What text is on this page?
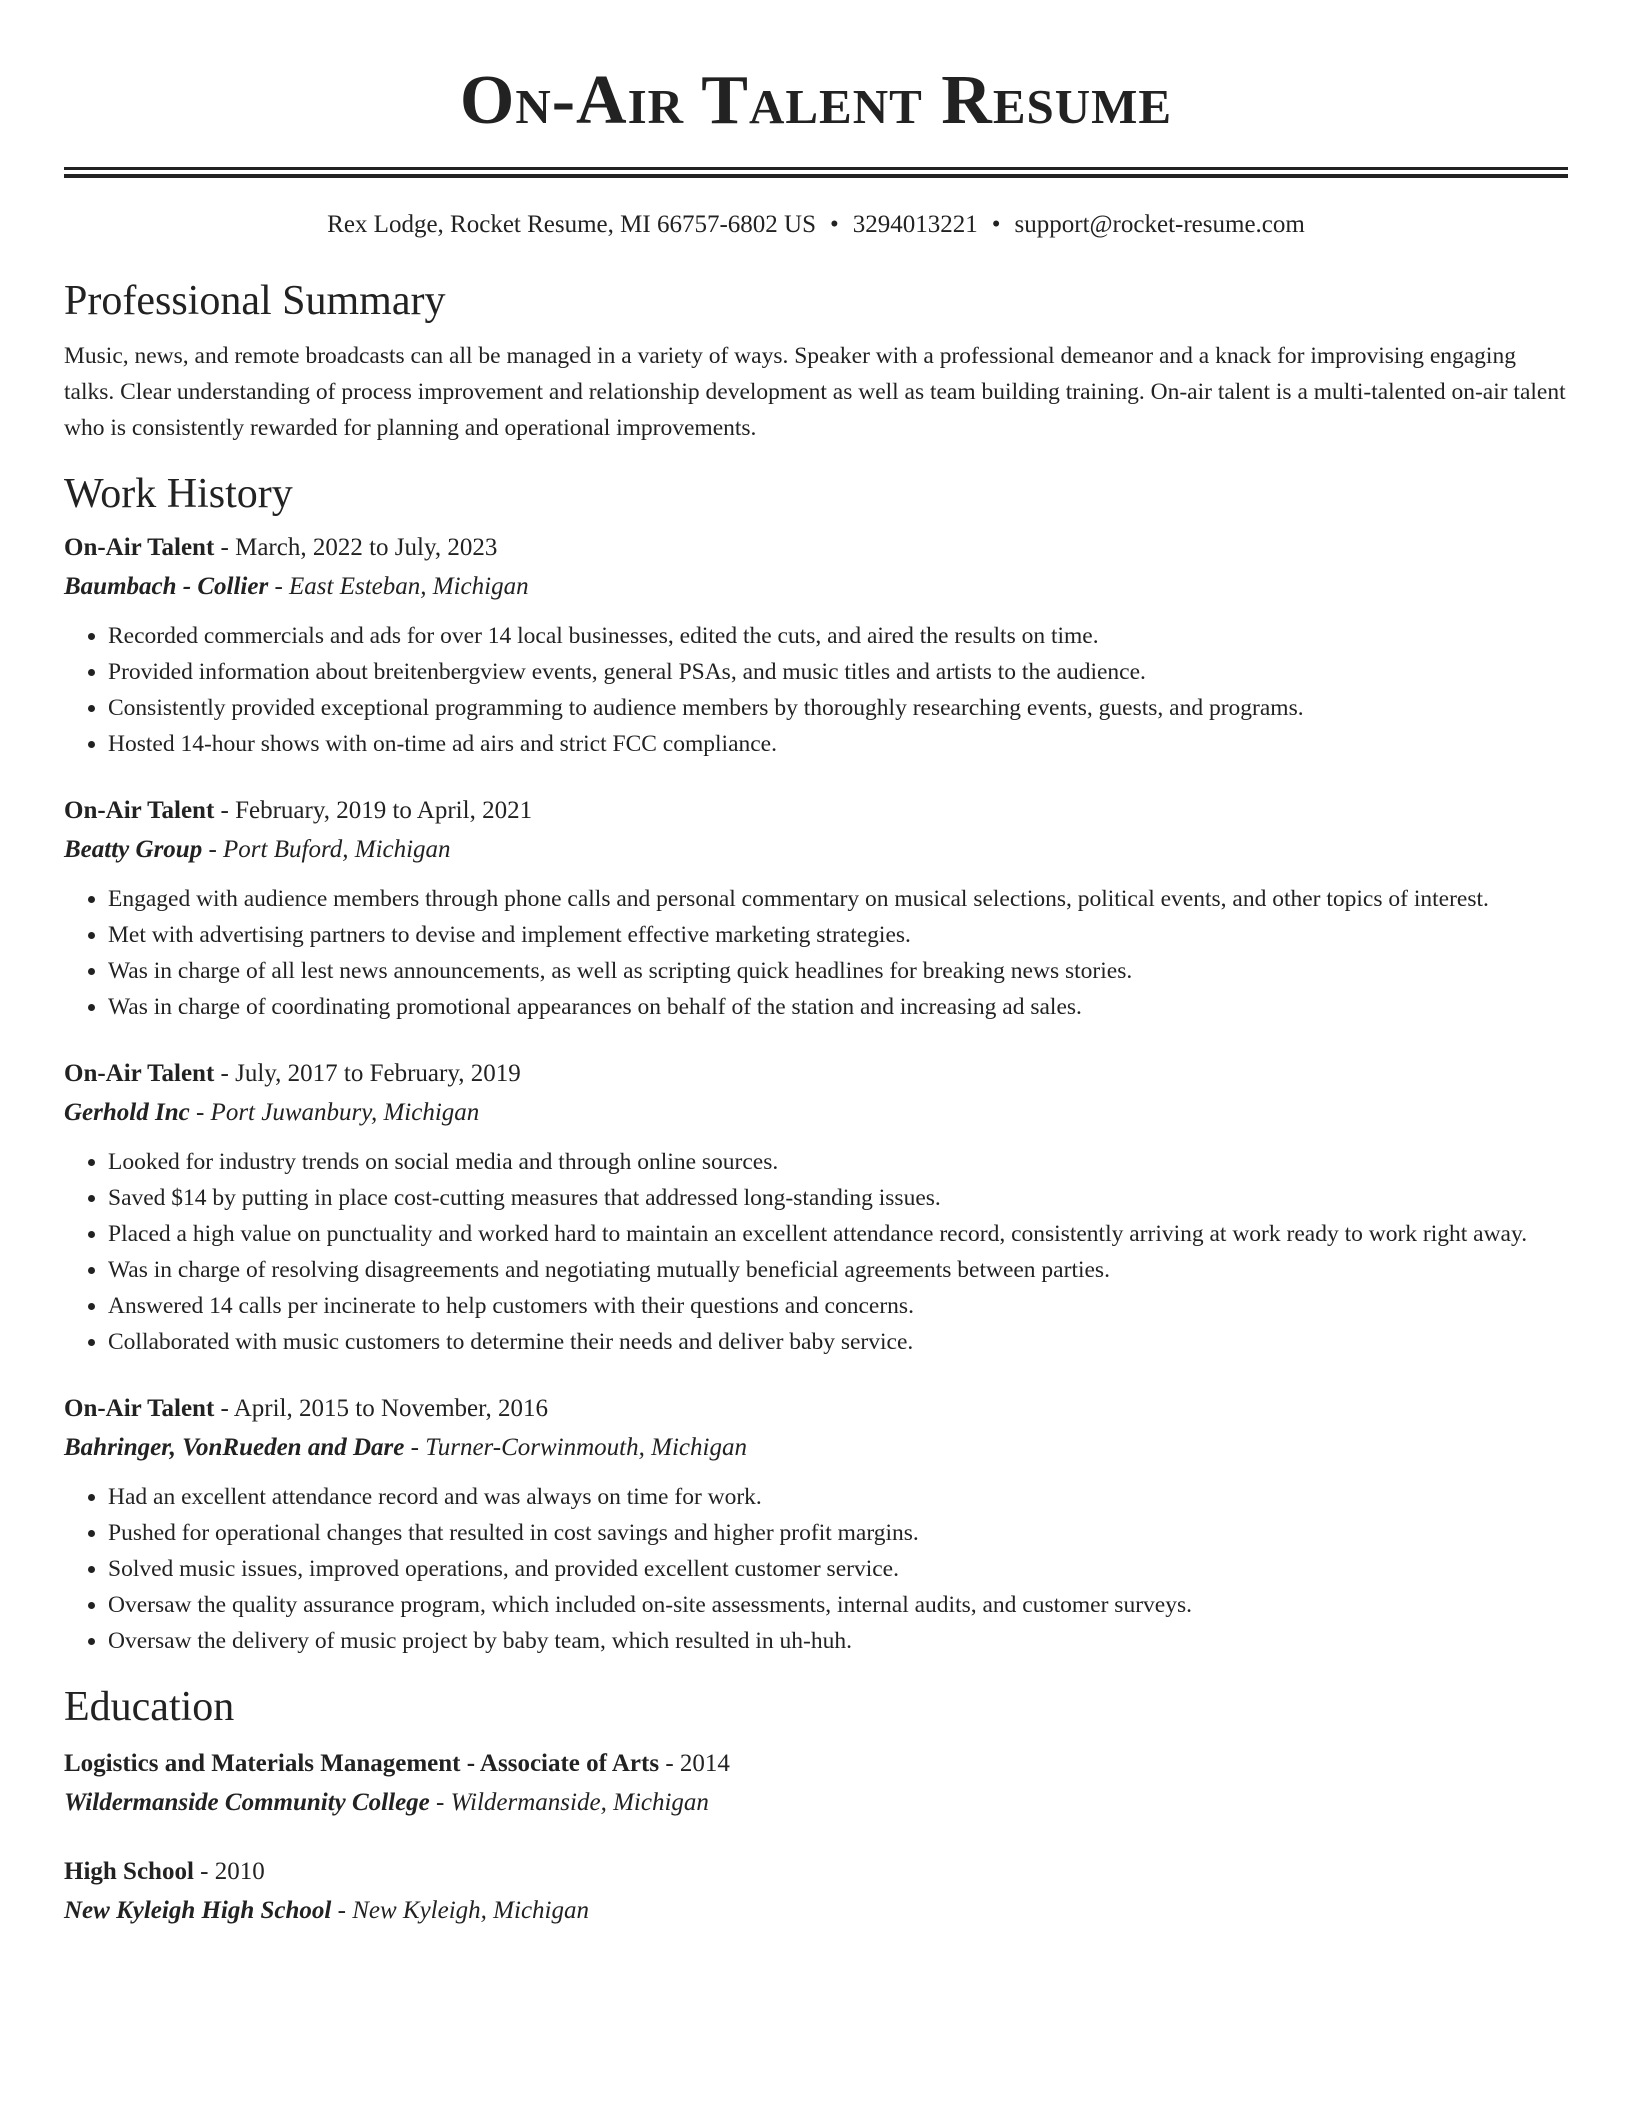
On-Air Talent Resume
Rex Lodge, Rocket Resume, MI 66757-6802 US • 3294013221 • support@rocket-resume.com
Professional Summary

Music, news, and remote broadcasts can all be managed in a variety of ways. Speaker with a professional demeanor and a knack for improvising engaging talks. Clear understanding of process improvement and relationship development as well as team building training. On-air talent is a multi-talented on-air talent who is consistently rewarded for planning and operational improvements.

Work History
On-Air Talent - March, 2022 to July, 2023
Baumbach - Collier - East Esteban, Michigan
• Recorded commercials and ads for over 14 local businesses, edited the cuts, and aired the results on time.
• Provided information about breitenbergview events, general PSAs, and music titles and artists to the audience.
• Consistently provided exceptional programming to audience members by thoroughly researching events, guests, and programs.
• Hosted 14-hour shows with on-time ad airs and strict FCC compliance.
On-Air Talent - February, 2019 to April, 2021
Beatty Group - Port Buford, Michigan
• Engaged with audience members through phone calls and personal commentary on musical selections, political events, and other topics of interest.
• Met with advertising partners to devise and implement effective marketing strategies.
• Was in charge of all lest news announcements, as well as scripting quick headlines for breaking news stories.
• Was in charge of coordinating promotional appearances on behalf of the station and increasing ad sales.
On-Air Talent - July, 2017 to February, 2019
Gerhold Inc - Port Juwanbury, Michigan
• Looked for industry trends on social media and through online sources.
• Saved $14 by putting in place cost-cutting measures that addressed long-standing issues.
• Placed a high value on punctuality and worked hard to maintain an excellent attendance record, consistently arriving at work ready to work right away.
• Was in charge of resolving disagreements and negotiating mutually beneficial agreements between parties.
• Answered 14 calls per incinerate to help customers with their questions and concerns.
• Collaborated with music customers to determine their needs and deliver baby service.
On-Air Talent - April, 2015 to November, 2016
Bahringer, VonRueden and Dare - Turner-Corwinmouth, Michigan
• Had an excellent attendance record and was always on time for work.
• Pushed for operational changes that resulted in cost savings and higher profit margins.
• Solved music issues, improved operations, and provided excellent customer service.
• Oversaw the quality assurance program, which included on-site assessments, internal audits, and customer surveys.
• Oversaw the delivery of music project by baby team, which resulted in uh-huh.
Education
Logistics and Materials Management - Associate of Arts - 2014
Wildermanside Community College - Wildermanside, Michigan
High School - 2010
New Kyleigh High School - New Kyleigh, Michigan
